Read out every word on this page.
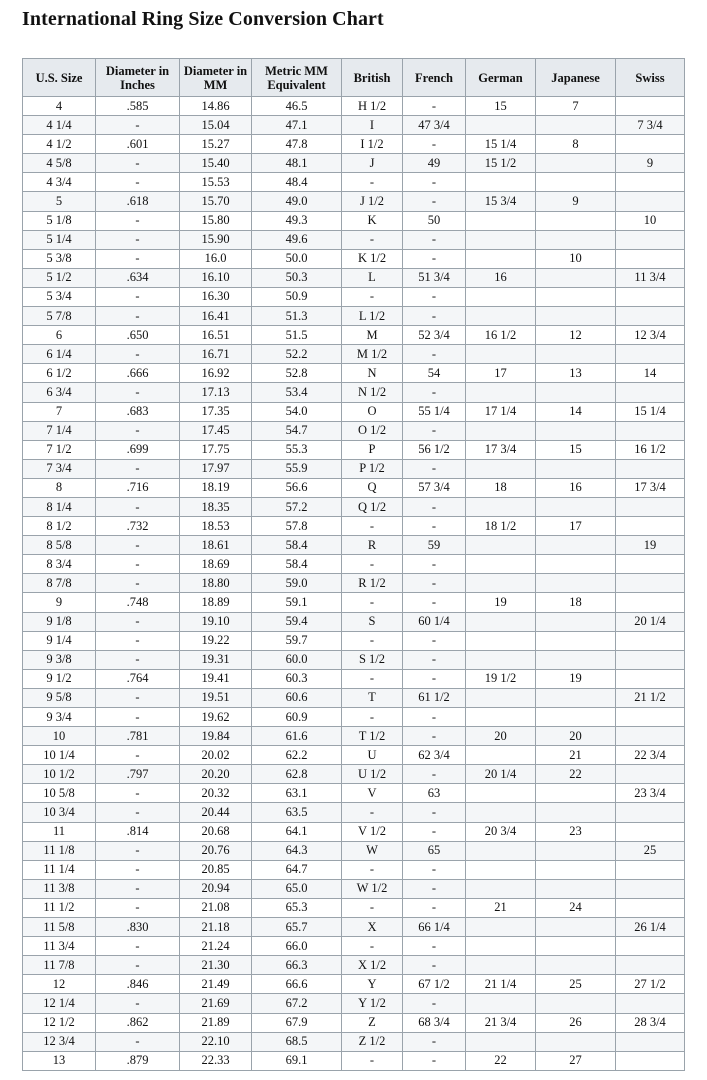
International Ring Size Conversion Chart
U.S. Size	Diameter in Inches	Diameter in MM	Metric MM Equivalent	British	French	German	Japanese	Swiss
4	.585	14.86	46.5	H 1/2	-	15	7	
4 1/4	-	15.04	47.1	I	47 3/4			7 3/4
4 1/2	.601	15.27	47.8	I 1/2	-	15 1/4	8	
4 5/8	-	15.40	48.1	J	49	15 1/2		9
4 3/4	-	15.53	48.4	-	-			
5	.618	15.70	49.0	J 1/2	-	15 3/4	9	
5 1/8	-	15.80	49.3	K	50			10
5 1/4	-	15.90	49.6	-	-			
5 3/8	-	16.0	50.0	K 1/2	-		10	
5 1/2	.634	16.10	50.3	L	51 3/4	16		11 3/4
5 3/4	-	16.30	50.9	-	-			
5 7/8	-	16.41	51.3	L 1/2	-			
6	.650	16.51	51.5	M	52 3/4	16 1/2	12	12 3/4
6 1/4	-	16.71	52.2	M 1/2	-			
6 1/2	.666	16.92	52.8	N	54	17	13	14
6 3/4	-	17.13	53.4	N 1/2	-			
7	.683	17.35	54.0	O	55 1/4	17 1/4	14	15 1/4
7 1/4	-	17.45	54.7	O 1/2	-			
7 1/2	.699	17.75	55.3	P	56 1/2	17 3/4	15	16 1/2
7 3/4	-	17.97	55.9	P 1/2	-			
8	.716	18.19	56.6	Q	57 3/4	18	16	17 3/4
8 1/4	-	18.35	57.2	Q 1/2	-			
8 1/2	.732	18.53	57.8	-	-	18 1/2	17	
8 5/8	-	18.61	58.4	R	59			19
8 3/4	-	18.69	58.4	-	-			
8 7/8	-	18.80	59.0	R 1/2	-			
9	.748	18.89	59.1	-	-	19	18	
9 1/8	-	19.10	59.4	S	60 1/4			20 1/4
9 1/4	-	19.22	59.7	-	-			
9 3/8	-	19.31	60.0	S 1/2	-			
9 1/2	.764	19.41	60.3	-	-	19 1/2	19	
9 5/8	-	19.51	60.6	T	61 1/2			21 1/2
9 3/4	-	19.62	60.9	-	-			
10	.781	19.84	61.6	T 1/2	-	20	20	
10 1/4	-	20.02	62.2	U	62 3/4		21	22 3/4
10 1/2	.797	20.20	62.8	U 1/2	-	20 1/4	22	
10 5/8	-	20.32	63.1	V	63			23 3/4
10 3/4	-	20.44	63.5	-	-			
11	.814	20.68	64.1	V 1/2	-	20 3/4	23	
11 1/8	-	20.76	64.3	W	65			25
11 1/4	-	20.85	64.7	-	-			
11 3/8	-	20.94	65.0	W 1/2	-			
11 1/2	-	21.08	65.3	-	-	21	24	
11 5/8	.830	21.18	65.7	X	66 1/4			26 1/4
11 3/4	-	21.24	66.0	-	-			
11 7/8	-	21.30	66.3	X 1/2	-			
12	.846	21.49	66.6	Y	67 1/2	21 1/4	25	27 1/2
12 1/4	-	21.69	67.2	Y 1/2	-			
12 1/2	.862	21.89	67.9	Z	68 3/4	21 3/4	26	28 3/4
12 3/4	-	22.10	68.5	Z 1/2	-			
13	.879	22.33	69.1	-	-	22	27	
